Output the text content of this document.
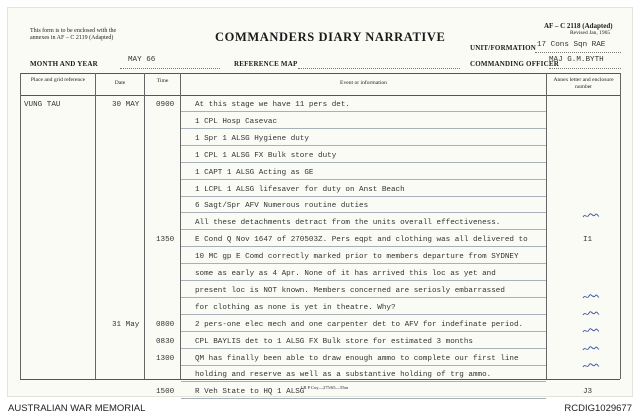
This form is to be enclosed with the
annexes in AF – C 2119 (Adapted)	COMMANDERS DIARY NARRATIVE
AF – C 2118 (Adapted)
Revised Jan, 1965
MONTH AND YEAR	MAY 66	REFERENCE MAP
UNIT/FORMATION 17 Cons Sqn RAE
COMMANDING OFFICER
MAJ G.M.BYTH
Place and grid reference	Date	Time	Event or information	Annex letter and enclosure number
VUNG TAU	30 MAY 0900	At this stage we have 11 pers det.
1 CPL Hosp Casevac
1 Spr 1 ALSG Hygiene duty
1 CPL 1 ALSG FX Bulk store duty
1 CAPT 1 ALSG Acting as GE
1 LCPL 1 ALSG lifesaver for duty on Anst Beach
6 Sagt/Spr AFV Numerous routine duties
All these detachments detract from the units overall effectiveness.
1350	E Cond Q Nov 1647 of 270503Z. Pers eqpt and clothing was all delivered to	I1
10 MC gp E Comd correctly marked prior to members departure from SYDNEY
some as early as 4 Apr. None of it has arrived this loc as yet and
present loc is NOT known. Members concerned are seriosly embarrassed
for clothing as none is yet in theatre. Why?
31 May 0800	2 pers-one elec mech and one carpenter det to AFV for indefinate period.
0830	CPL BAYLIS det to 1 ALSG FX Bulk store for estimated 3 months
1300	QM has finally been able to draw enough ammo to complete our first line
holding and reserve as well as a substantive holding of trg ammo.
1500	R Veh State to HQ 1 ALSG	J3
1 B P Coy—275/65—55m
AUSTRALIAN WAR MEMORIAL	RCDIG1029677
